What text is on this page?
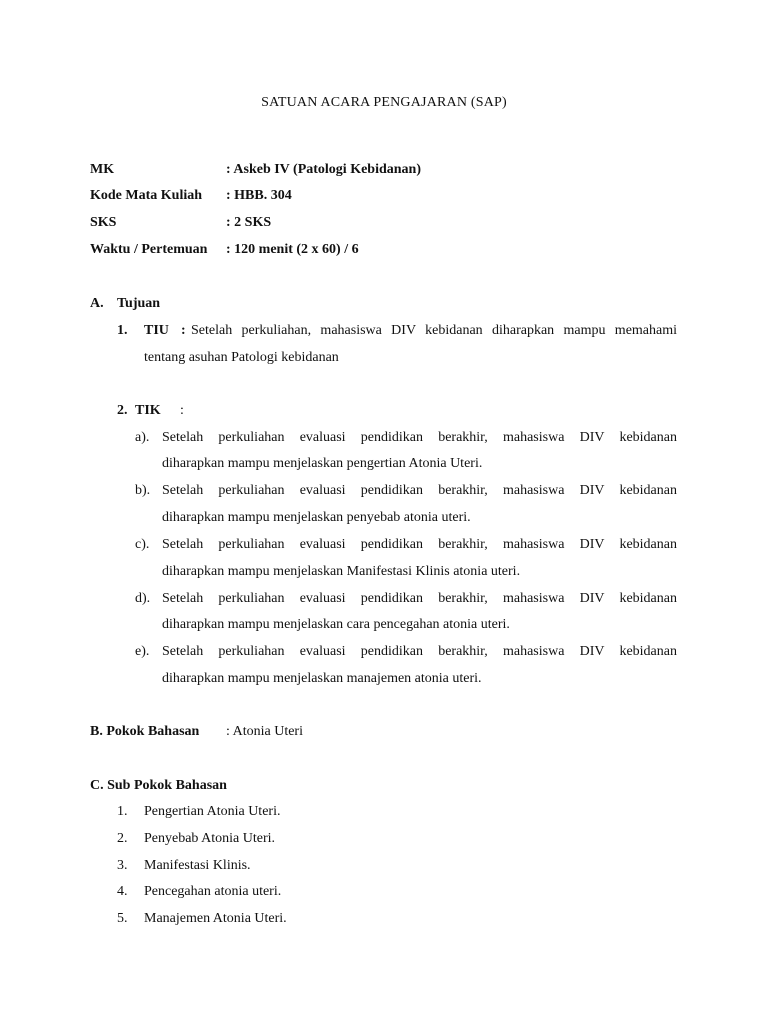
SATUAN ACARA PENGAJARAN (SAP)
MK	: Askeb IV (Patologi Kebidanan)
Kode Mata Kuliah : HBB. 304
SKS	: 2 SKS
Waktu / Pertemuan : 120 menit (2 x 60) / 6
A. Tujuan
1. TIU : Setelah perkuliahan, mahasiswa DIV kebidanan diharapkan mampu memahami
tentang asuhan Patologi kebidanan
2. TIK :
a). Setelah perkuliahan evaluasi pendidikan berakhir, mahasiswa DIV kebidanan
diharapkan mampu menjelaskan pengertian Atonia Uteri.
b). Setelah perkuliahan evaluasi pendidikan berakhir, mahasiswa DIV kebidanan
diharapkan mampu menjelaskan penyebab atonia uteri.
c). Setelah perkuliahan evaluasi pendidikan berakhir, mahasiswa DIV kebidanan
diharapkan mampu menjelaskan Manifestasi Klinis atonia uteri.
d). Setelah perkuliahan evaluasi pendidikan berakhir, mahasiswa DIV kebidanan
diharapkan mampu menjelaskan cara pencegahan atonia uteri.
e). Setelah perkuliahan evaluasi pendidikan berakhir, mahasiswa DIV kebidanan
diharapkan mampu menjelaskan manajemen atonia uteri.
B. Pokok Bahasan : Atonia Uteri
C. Sub Pokok Bahasan
1. Pengertian Atonia Uteri.
2. Penyebab Atonia Uteri.
3. Manifestasi Klinis.
4. Pencegahan atonia uteri.
5. Manajemen Atonia Uteri.
